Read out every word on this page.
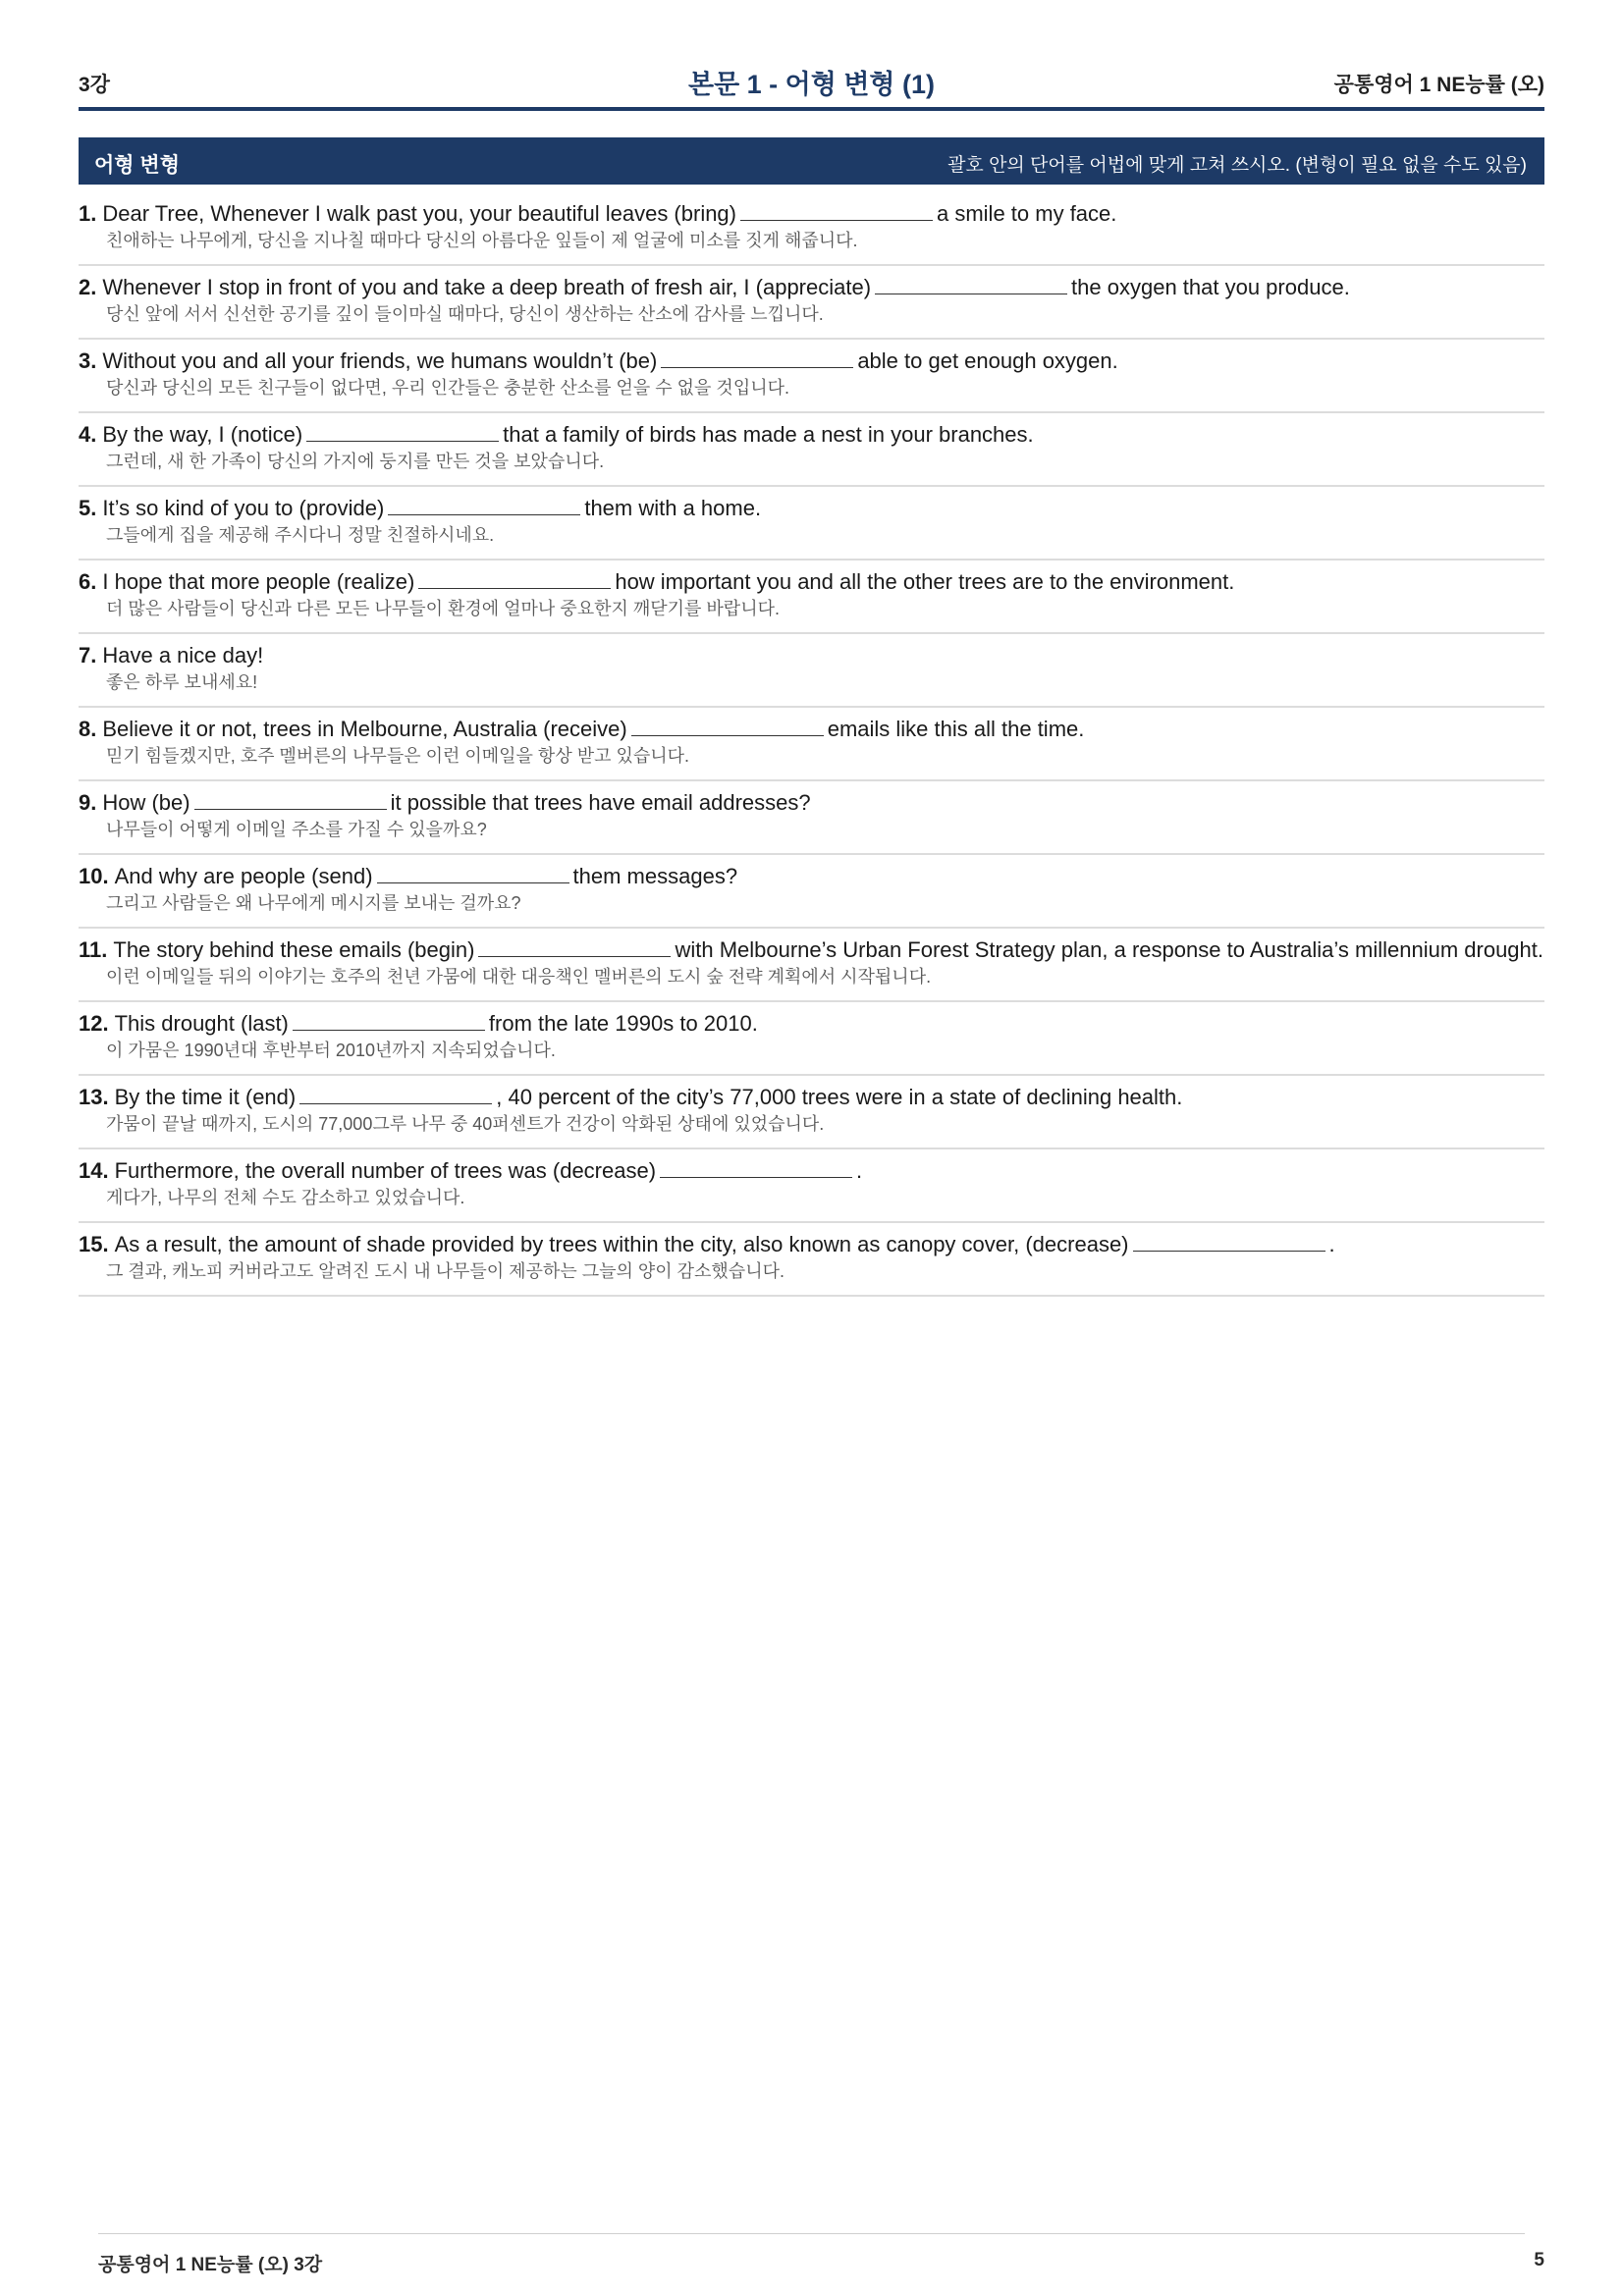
3강	본문 1 - 어형 변형 (1)	공통영어 1 NE능률 (오)
어형 변형	괄호 안의 단어를 어법에 맞게 고쳐 쓰시오. (변형이 필요 없을 수도 있음)
1. Dear Tree, Whenever I walk past you, your beautiful leaves (bring)	a smile to my face.
친애하는 나무에게, 당신을 지나칠 때마다 당신의 아름다운 잎들이 제 얼굴에 미소를 짓게 해줍니다.
2. Whenever I stop in front of you and take a deep breath of fresh air, I (appreciate)	the oxygen that you produce.
당신 앞에 서서 신선한 공기를 깊이 들이마실 때마다, 당신이 생산하는 산소에 감사를 느낍니다.
3. Without you and all your friends, we humans wouldn’t (be)	able to get enough oxygen.
당신과 당신의 모든 친구들이 없다면, 우리 인간들은 충분한 산소를 얻을 수 없을 것입니다.
4. By the way, I (notice)	that a family of birds has made a nest in your branches.
그런데, 새 한 가족이 당신의 가지에 둥지를 만든 것을 보았습니다.
5. It’s so kind of you to (provide)	them with a home.
그들에게 집을 제공해 주시다니 정말 친절하시네요.
6. I hope that more people (realize)	how important you and all the other trees are to the environment.
더 많은 사람들이 당신과 다른 모든 나무들이 환경에 얼마나 중요한지 깨닫기를 바랍니다.
7. Have a nice day!
좋은 하루 보내세요!
8. Believe it or not, trees in Melbourne, Australia (receive)	emails like this all the time.
믿기 힘들겠지만, 호주 멜버른의 나무들은 이런 이메일을 항상 받고 있습니다.
9. How (be)	it possible that trees have email addresses?
나무들이 어떻게 이메일 주소를 가질 수 있을까요?
10. And why are people (send)	them messages?
그리고 사람들은 왜 나무에게 메시지를 보내는 걸까요?
11. The story behind these emails (begin)	with Melbourne’s Urban Forest Strategy plan, a response to Australia’s millennium drought.
이런 이메일들 뒤의 이야기는 호주의 천년 가뭄에 대한 대응책인 멜버른의 도시 숲 전략 계획에서 시작됩니다.
12. This drought (last)	from the late 1990s to 2010.
이 가뭄은 1990년대 후반부터 2010년까지 지속되었습니다.
13. By the time it (end)	, 40 percent of the city’s 77,000 trees were in a state of declining health.
가뭄이 끝날 때까지, 도시의 77,000그루 나무 중 40퍼센트가 건강이 악화된 상태에 있었습니다.
14. Furthermore, the overall number of trees was (decrease)	.
게다가, 나무의 전체 수도 감소하고 있었습니다.
15. As a result, the amount of shade provided by trees within the city, also known as canopy cover, (decrease)	.
그 결과, 캐노피 커버라고도 알려진 도시 내 나무들이 제공하는 그늘의 양이 감소했습니다.
공통영어 1 NE능률 (오) 3강	5
